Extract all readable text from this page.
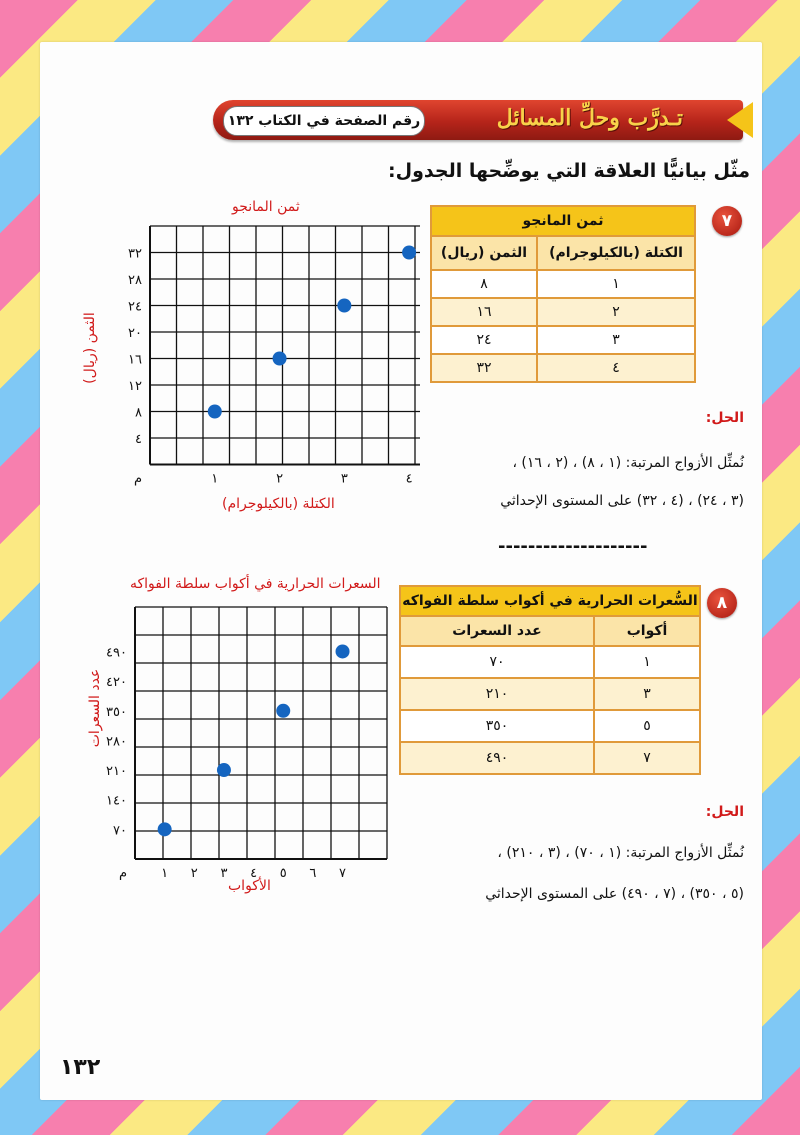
رقم الصفحة في الكتاب ١٣٢	تـدرَّب وحلِّ المسائل
مثّل بيانيًّا العلاقة التي يوضِّحها الجدول:
٧
ثمن المانجو	
الكتلة (بالكيلوجرام)	الثمن (ريال)
١	٨
٢	١٦
٣	٢٤
٤	٣٢
الحل:
نُمثِّل الأزواج المرتبة: (١ ، ٨) ، (٢ ، ١٦) ،
(٣ ، ٢٤) ، (٤ ، ٣٢) على المستوى الإحداثي
--------------------
ثمن المانجو
الكتلة (بالكيلوجرام)
الثمن (ريال)
١	٢	٣	٤
م
٤
٨
١٢
١٦
٢٠
٢٤
٢٨
٣٢
٨
السُّعرات الحرارية في أكواب سلطة الفواكه	
أكواب	عدد السعرات
١	٧٠
٣	٢١٠
٥	٣٥٠
٧	٤٩٠
الحل:
نُمثِّل الأزواج المرتبة: (١ ، ٧٠) ، (٣ ، ٢١٠) ،
(٥ ، ٣٥٠) ، (٧ ، ٤٩٠) على المستوى الإحداثي
السعرات الحرارية في أكواب سلطة الفواكه
الأكواب
عدد السعرات
١ ٢ ٣ ٤ ٥ ٦ ٧
م
٧٠
١٤٠
٢١٠
٢٨٠
٣٥٠
٤٢٠
٤٩٠
١٣٢
